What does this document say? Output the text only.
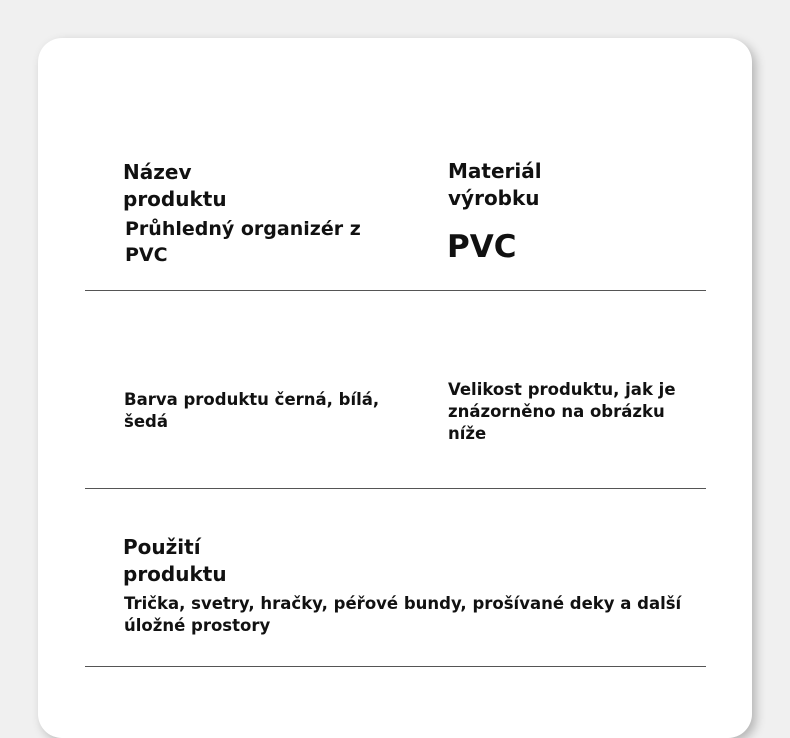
Název produktu

Průhledný organizér z PVC

Materiál výrobku

PVC

Barva produktu černá, bílá, šedá

Velikost produktu, jak je znázorněno na obrázku níže

Použití produktu

Trička, svetry, hračky, péřové bundy, prošívané deky a další úložné prostory
